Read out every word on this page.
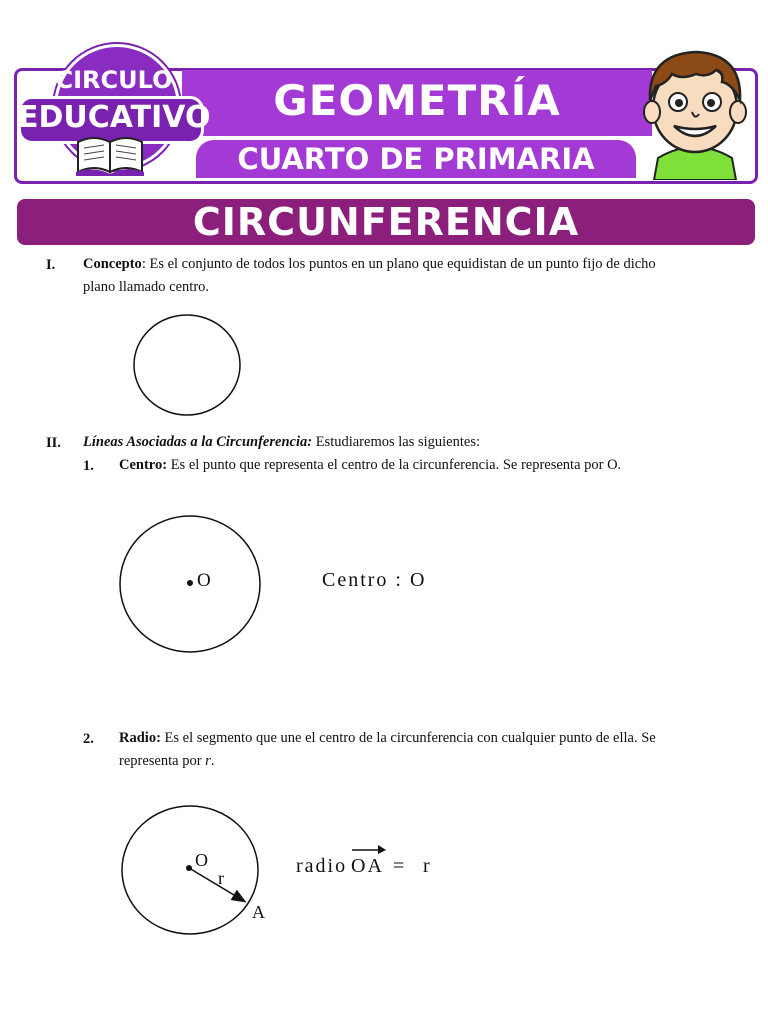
GEOMETRÍA
CUARTO DE PRIMARIA
CIRCULO
EDUCATIVO
CIRCUNFERENCIA
I. Concepto: Es el conjunto de todos los puntos en un plano que equidistan de un punto fijo de dicho
plano llamado centro.
II. Líneas Asociadas a la Circunferencia: Estudiaremos las siguientes:
1. Centro: Es el punto que representa el centro de la circunferencia. Se representa por O.
O	Centro : O
2. Radio: Es el segmento que une el centro de la circunferencia con cualquier punto de ella. Se
representa por r.
O
r
A
radio OA = r
